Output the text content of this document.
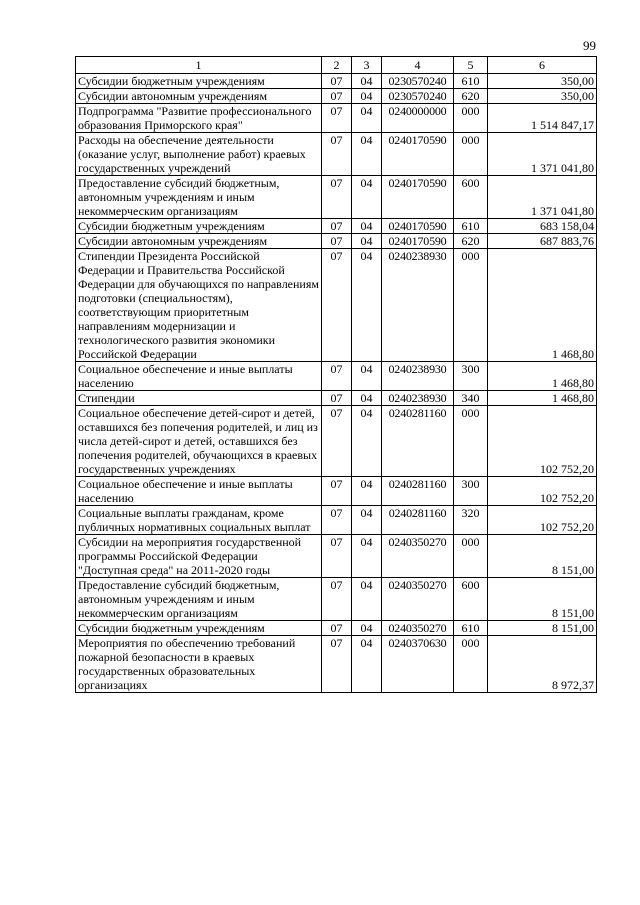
99
1	2	3	4	5	6
Субсидии бюджетным учреждениям	07	04	0230570240	610	350,00
Субсидии автономным учреждениям	07	04	0230570240	620	350,00
Подпрограмма "Развитие профессионального образования Приморского края"	07	04	0240000000	000	1 514 847,17
Расходы на обеспечение деятельности (оказание услуг, выполнение работ) краевых государственных учреждений	07	04	0240170590	000	1 371 041,80
Предоставление субсидий бюджетным, автономным учреждениям и иным некоммерческим организациям	07	04	0240170590	600	1 371 041,80
Субсидии бюджетным учреждениям	07	04	0240170590	610	683 158,04
Субсидии автономным учреждениям	07	04	0240170590	620	687 883,76
Стипендии Президента Российской Федерации и Правительства Российской Федерации для обучающихся по направлениям подготовки (специальностям), соответствующим приоритетным направлениям модернизации и технологического развития экономики Российской Федерации	07	04	0240238930	000	1 468,80
Социальное обеспечение и иные выплаты населению	07	04	0240238930	300	1 468,80
Стипендии	07	04	0240238930	340	1 468,80
Социальное обеспечение детей-сирот и детей, оставшихся без попечения родителей, и лиц из числа детей-сирот и детей, оставшихся без попечения родителей, обучающихся в краевых государственных учреждениях	07	04	0240281160	000	102 752,20
Социальное обеспечение и иные выплаты населению	07	04	0240281160	300	102 752,20
Социальные выплаты гражданам, кроме публичных нормативных социальных выплат	07	04	0240281160	320	102 752,20
Субсидии на мероприятия государственной программы Российской Федерации "Доступная среда" на 2011-2020 годы	07	04	0240350270	000	8 151,00
Предоставление субсидий бюджетным, автономным учреждениям и иным некоммерческим организациям	07	04	0240350270	600	8 151,00
Субсидии бюджетным учреждениям	07	04	0240350270	610	8 151,00
Мероприятия по обеспечению требований пожарной безопасности в краевых государственных образовательных организациях	07	04	0240370630	000	8 972,37
